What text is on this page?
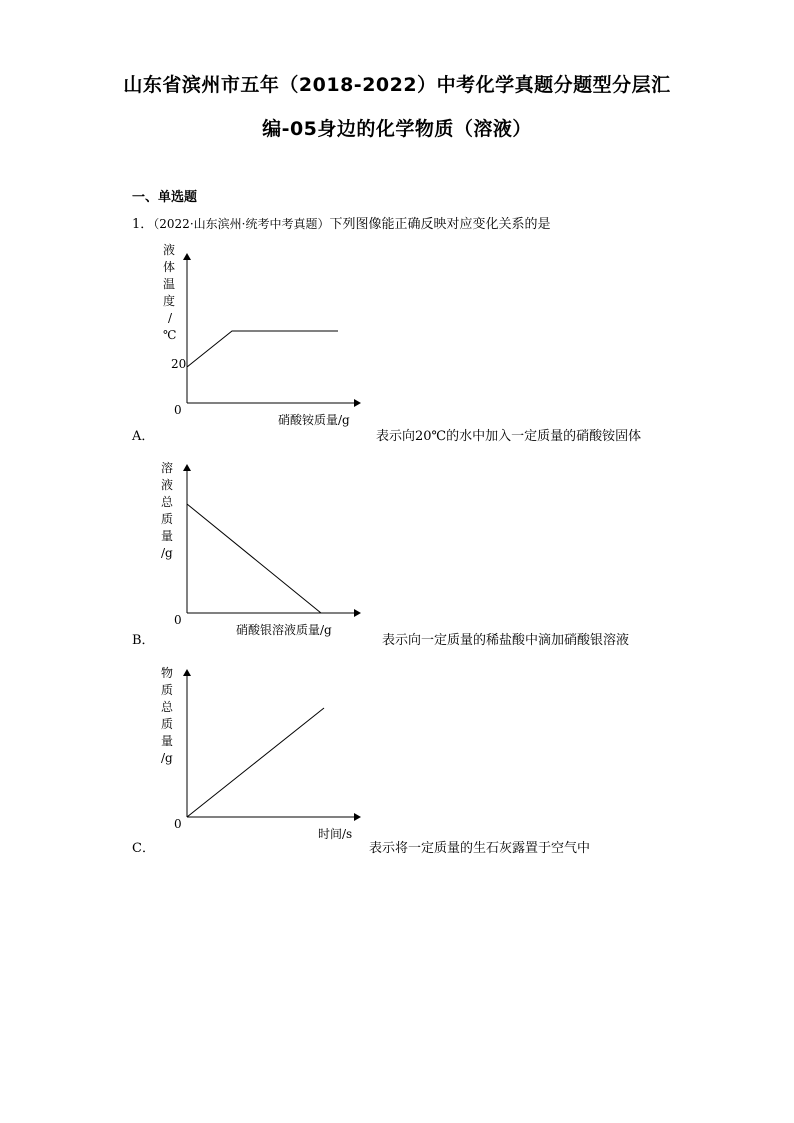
山东省滨州市五年（2018-2022）中考化学真题分题型分层汇
编-05身边的化学物质（溶液）
一、单选题
1．（2022·山东滨州·统考中考真题）下列图像能正确反映对应变化关系的是
液
体
温
度
/
℃
20
0
硝酸铵质量/g
A．	表示向20℃的水中加入一定质量的硝酸铵固体
溶
液
总
质
量
/g
0
硝酸银溶液质量/g
B．	表示向一定质量的稀盐酸中滴加硝酸银溶液
物
质
总
质
量
/g
0
时间/s
C．	表示将一定质量的生石灰露置于空气中
